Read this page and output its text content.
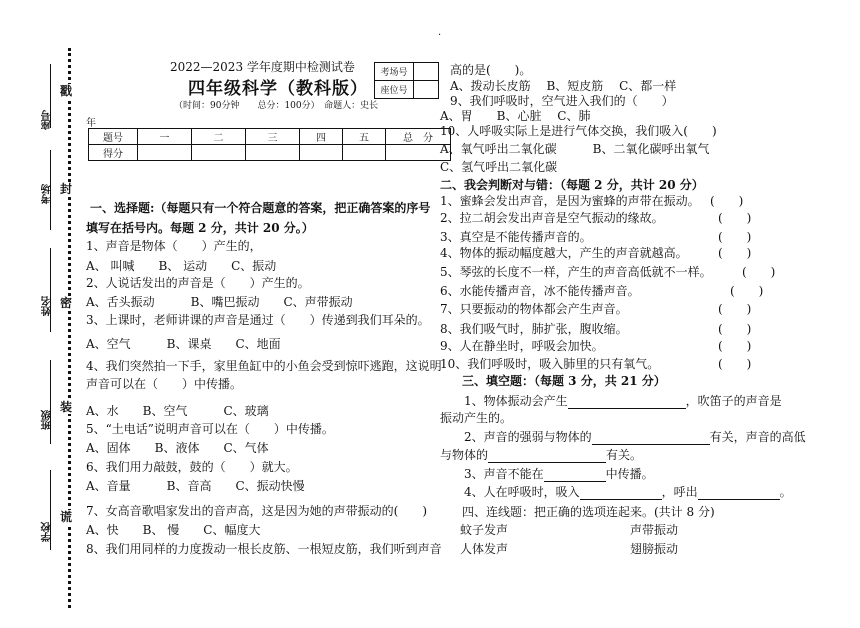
·
戳
封
密
装
谎
座号
考场
姓名
班级
学校
2022—2023 学年度期中检测试卷
四年级科学（教科版）
（时间：90分钟　　总分：100分）　命题人：史长
年
考场号	
座位号	
题号	一	二	三	四	五	总　分
得分						
一、选择题:（每题只有一个符合题意的答案，把正确答案的序号
填写在括号内。每题 2 分，共计 20 分。）
1、声音是物体（　　）产生的，
A、 叫喊　　B、 运动　　C、振动
2、人说话发出的声音是（　　）产生的。
A、舌头振动　　　B、嘴巴振动　　C、声带振动
3、上课时，老师讲课的声音是通过（　　）传递到我们耳朵的。
A、空气　　　B、课桌　　C、地面
4、我们突然拍一下手，家里鱼缸中的小鱼会受到惊吓逃跑，这说明
声音可以在（　　）中传播。
A、水　　B、空气　　　C、玻璃
5、“土电话”说明声音可以在（　　）中传播。
A、固体　　B、液体　　C、气体
6、我们用力敲鼓，鼓的（　　）就大。
A、音量　　　B、音高　　C、振动快慢
7、女高音歌唱家发出的音声高，这是因为她的声带振动的(　　)
A、快　　B、 慢　　C、幅度大
8、我们用同样的力度拨动一根长皮筋、一根短皮筋，我们听到声音
高的是(　　)。
A、拨动长皮筋　 B、短皮筋　 C、都一样
9、我们呼吸时，空气进入我们的（　　）
A、胃　　B、心脏　 C、肺
10、人呼吸实际上是进行气体交换，我们吸入(　　)
A、氧气呼出二氧化碳　　　B、二氧化碳呼出氧气
C、氢气呼出二氧化碳
二、我会判断对与错：（每题 2 分，共计 20 分）
1、蜜蜂会发出声音，是因为蜜蜂的声带在振动。 (　　)
2、拉二胡会发出声音是空气振动的缘故。	(　　)
3、真空是不能传播声音的。	(　　)
4、物体的振动幅度越大，产生的声音就越高。	(　　)
5、琴弦的长度不一样，产生的声音高低就不一样。	(　　)
6、水能传播声音，冰不能传播声音。	(　　)
7、只要振动的物体都会产生声音。	(　　)
8、我们吸气时，肺扩张，腹收缩。	(　　)
9、人在静坐时，呼吸会加快。	(　　)
10、我们呼吸时，吸入肺里的只有氧气。	(　　)
三、填空题：（每题 3 分，共 21 分）
1、物体振动会产生	，吹笛子的声音是
振动产生的。
2、声音的强弱与物体的	有关，声音的高低
与物体的	有关。
3、声音不能在	中传播。
4、人在呼吸时，吸入	，呼出	。
四、连线题：把正确的选项连起来。(共计 8 分)
蚊子发声	声带振动
人体发声	翅膀振动
